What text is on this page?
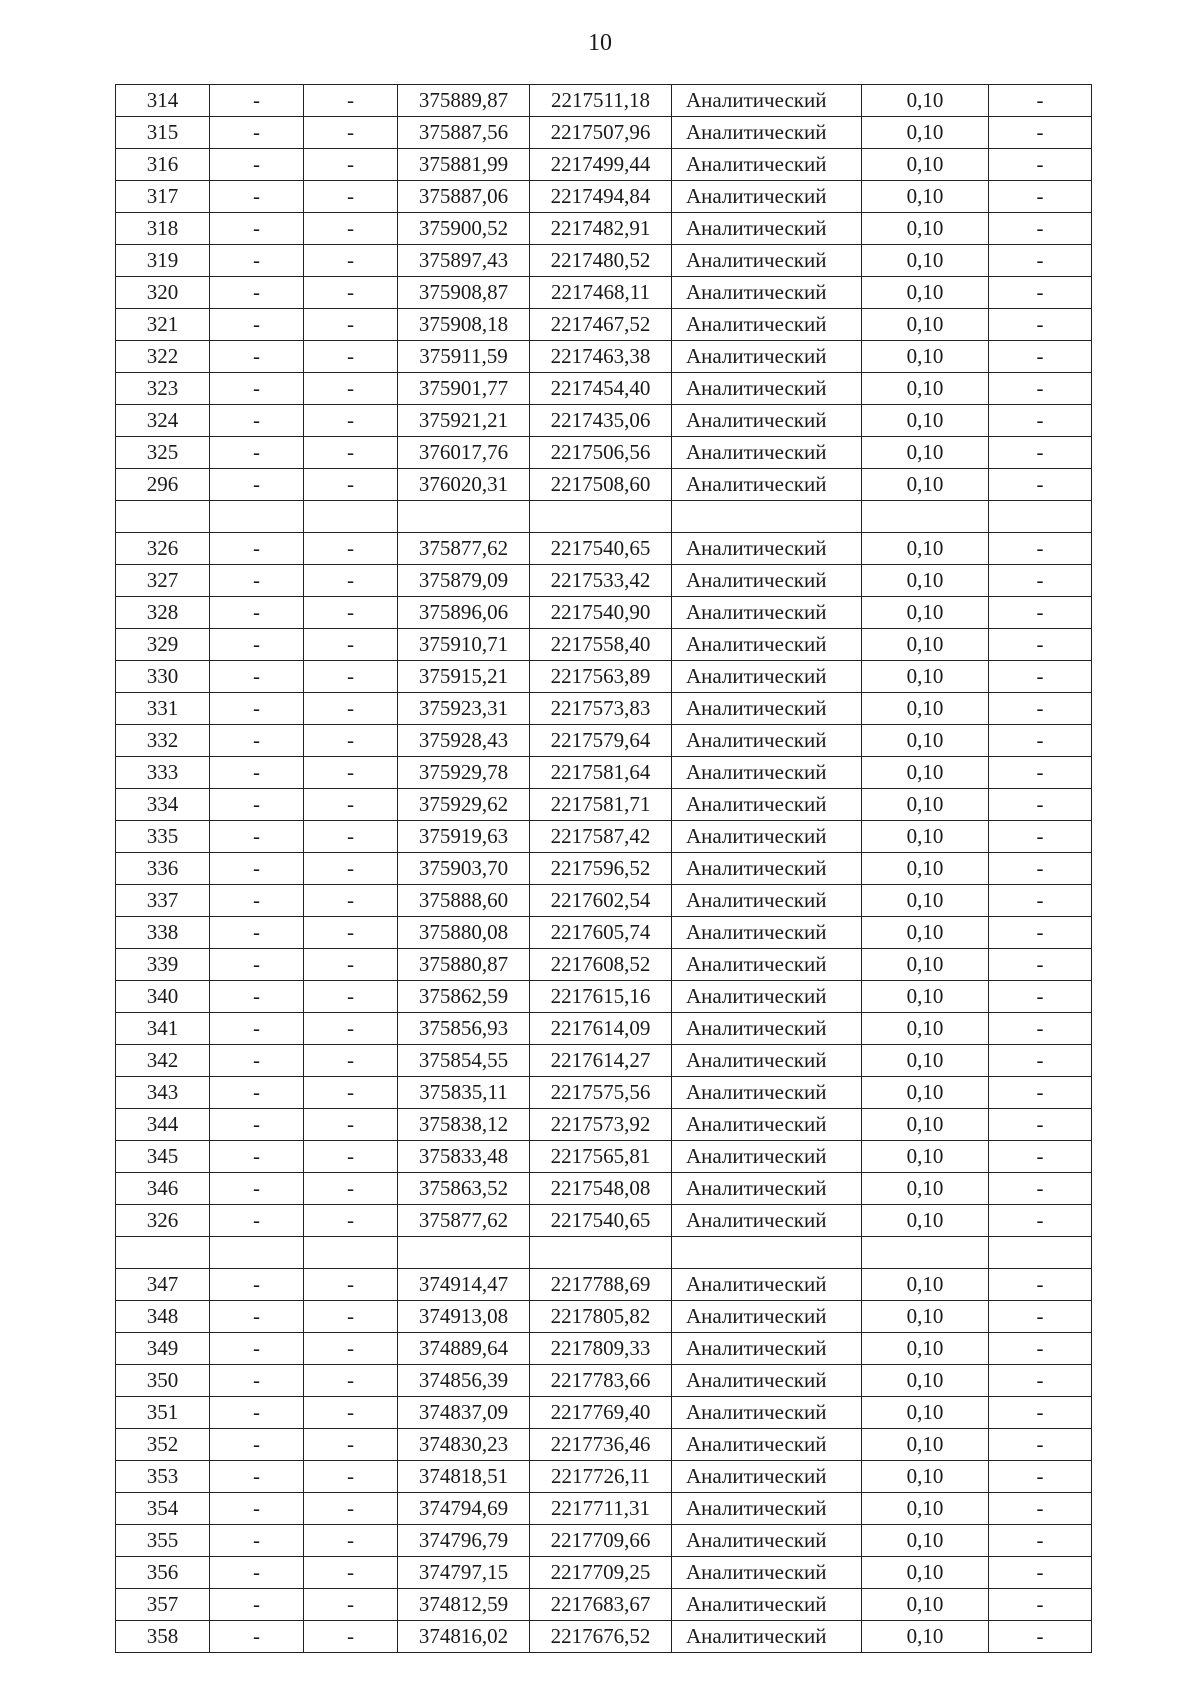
10
314	-	-	375889,87	2217511,18	Аналитический	0,10	-
315	-	-	375887,56	2217507,96	Аналитический	0,10	-
316	-	-	375881,99	2217499,44	Аналитический	0,10	-
317	-	-	375887,06	2217494,84	Аналитический	0,10	-
318	-	-	375900,52	2217482,91	Аналитический	0,10	-
319	-	-	375897,43	2217480,52	Аналитический	0,10	-
320	-	-	375908,87	2217468,11	Аналитический	0,10	-
321	-	-	375908,18	2217467,52	Аналитический	0,10	-
322	-	-	375911,59	2217463,38	Аналитический	0,10	-
323	-	-	375901,77	2217454,40	Аналитический	0,10	-
324	-	-	375921,21	2217435,06	Аналитический	0,10	-
325	-	-	376017,76	2217506,56	Аналитический	0,10	-
296	-	-	376020,31	2217508,60	Аналитический	0,10	-

326	-	-	375877,62	2217540,65	Аналитический	0,10	-
327	-	-	375879,09	2217533,42	Аналитический	0,10	-
328	-	-	375896,06	2217540,90	Аналитический	0,10	-
329	-	-	375910,71	2217558,40	Аналитический	0,10	-
330	-	-	375915,21	2217563,89	Аналитический	0,10	-
331	-	-	375923,31	2217573,83	Аналитический	0,10	-
332	-	-	375928,43	2217579,64	Аналитический	0,10	-
333	-	-	375929,78	2217581,64	Аналитический	0,10	-
334	-	-	375929,62	2217581,71	Аналитический	0,10	-
335	-	-	375919,63	2217587,42	Аналитический	0,10	-
336	-	-	375903,70	2217596,52	Аналитический	0,10	-
337	-	-	375888,60	2217602,54	Аналитический	0,10	-
338	-	-	375880,08	2217605,74	Аналитический	0,10	-
339	-	-	375880,87	2217608,52	Аналитический	0,10	-
340	-	-	375862,59	2217615,16	Аналитический	0,10	-
341	-	-	375856,93	2217614,09	Аналитический	0,10	-
342	-	-	375854,55	2217614,27	Аналитический	0,10	-
343	-	-	375835,11	2217575,56	Аналитический	0,10	-
344	-	-	375838,12	2217573,92	Аналитический	0,10	-
345	-	-	375833,48	2217565,81	Аналитический	0,10	-
346	-	-	375863,52	2217548,08	Аналитический	0,10	-
326	-	-	375877,62	2217540,65	Аналитический	0,10	-

347	-	-	374914,47	2217788,69	Аналитический	0,10	-
348	-	-	374913,08	2217805,82	Аналитический	0,10	-
349	-	-	374889,64	2217809,33	Аналитический	0,10	-
350	-	-	374856,39	2217783,66	Аналитический	0,10	-
351	-	-	374837,09	2217769,40	Аналитический	0,10	-
352	-	-	374830,23	2217736,46	Аналитический	0,10	-
353	-	-	374818,51	2217726,11	Аналитический	0,10	-
354	-	-	374794,69	2217711,31	Аналитический	0,10	-
355	-	-	374796,79	2217709,66	Аналитический	0,10	-
356	-	-	374797,15	2217709,25	Аналитический	0,10	-
357	-	-	374812,59	2217683,67	Аналитический	0,10	-
358	-	-	374816,02	2217676,52	Аналитический	0,10	-
